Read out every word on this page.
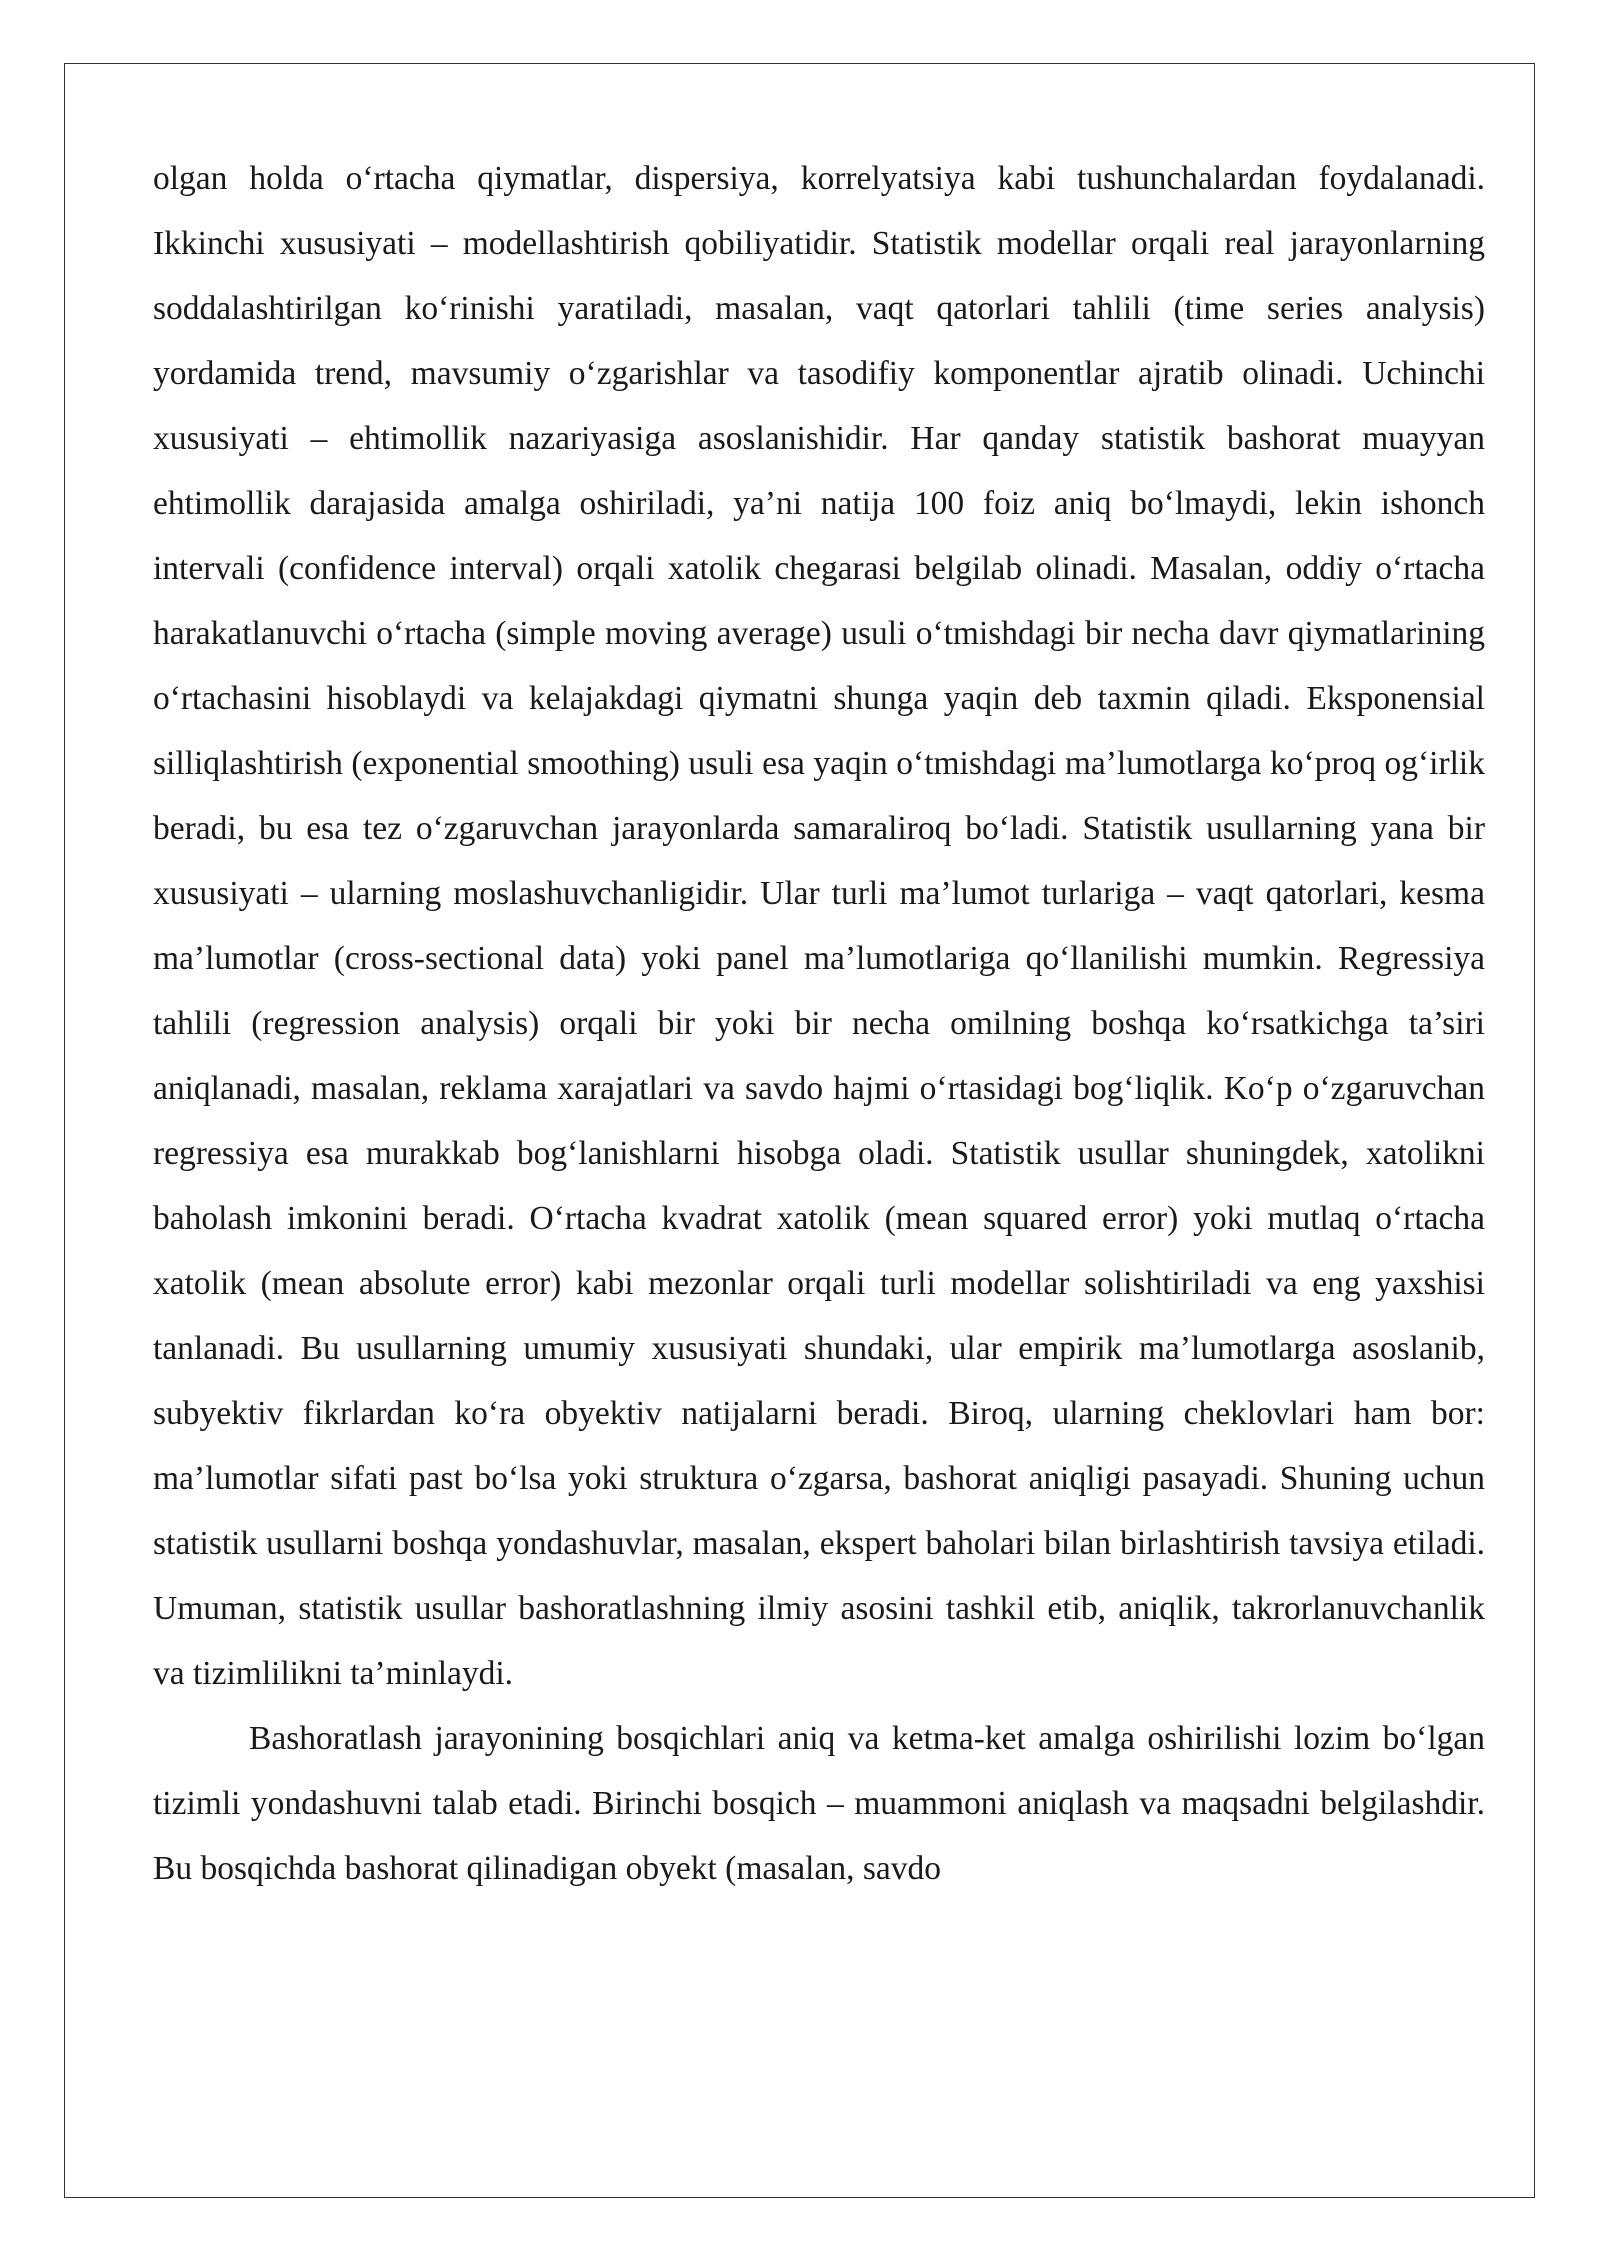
olgan holda o‘rtacha qiymatlar, dispersiya, korrelyatsiya kabi tushunchalardan foydalanadi. Ikkinchi xususiyati – modellashtirish qobiliyatidir. Statistik modellar orqali real jarayonlarning soddalashtirilgan ko‘rinishi yaratiladi, masalan, vaqt qatorlari tahlili (time series analysis) yordamida trend, mavsumiy o‘zgarishlar va tasodifiy komponentlar ajratib olinadi. Uchinchi xususiyati – ehtimollik nazariyasiga asoslanishidir. Har qanday statistik bashorat muayyan ehtimollik darajasida amalga oshiriladi, ya’ni natija 100 foiz aniq bo‘lmaydi, lekin ishonch intervali (confidence interval) orqali xatolik chegarasi belgilab olinadi. Masalan, oddiy o‘rtacha harakatlanuvchi o‘rtacha (simple moving average) usuli o‘tmishdagi bir necha davr qiymatlarining o‘rtachasini hisoblaydi va kelajakdagi qiymatni shunga yaqin deb taxmin qiladi. Eksponensial silliqlashtirish (exponential smoothing) usuli esa yaqin o‘tmishdagi ma’lumotlarga ko‘proq og‘irlik beradi, bu esa tez o‘zgaruvchan jarayonlarda samaraliroq bo‘ladi. Statistik usullarning yana bir xususiyati – ularning moslashuvchanligidir. Ular turli ma’lumot turlariga – vaqt qatorlari, kesma ma’lumotlar (cross-sectional data) yoki panel ma’lumotlariga qo‘llanilishi mumkin. Regressiya tahlili (regression analysis) orqali bir yoki bir necha omilning boshqa ko‘rsatkichga ta’siri aniqlanadi, masalan, reklama xarajatlari va savdo hajmi o‘rtasidagi bog‘liqlik. Ko‘p o‘zgaruvchan regressiya esa murakkab bog‘lanishlarni hisobga oladi. Statistik usullar shuningdek, xatolikni baholash imkonini beradi. O‘rtacha kvadrat xatolik (mean squared error) yoki mutlaq o‘rtacha xatolik (mean absolute error) kabi mezonlar orqali turli modellar solishtiriladi va eng yaxshisi tanlanadi. Bu usullarning umumiy xususiyati shundaki, ular empirik ma’lumotlarga asoslanib, subyektiv fikrlardan ko‘ra obyektiv natijalarni beradi. Biroq, ularning cheklovlari ham bor: ma’lumotlar sifati past bo‘lsa yoki struktura o‘zgarsa, bashorat aniqligi pasayadi. Shuning uchun statistik usullarni boshqa yondashuvlar, masalan, ekspert baholari bilan birlashtirish tavsiya etiladi. Umuman, statistik usullar bashoratlashning ilmiy asosini tashkil etib, aniqlik, takrorlanuvchanlik va tizimlilikni ta’minlaydi.

Bashoratlash jarayonining bosqichlari aniq va ketma-ket amalga oshirilishi lozim bo‘lgan tizimli yondashuvni talab etadi. Birinchi bosqich – muammoni aniqlash va maqsadni belgilashdir. Bu bosqichda bashorat qilinadigan obyekt (masalan, savdo
